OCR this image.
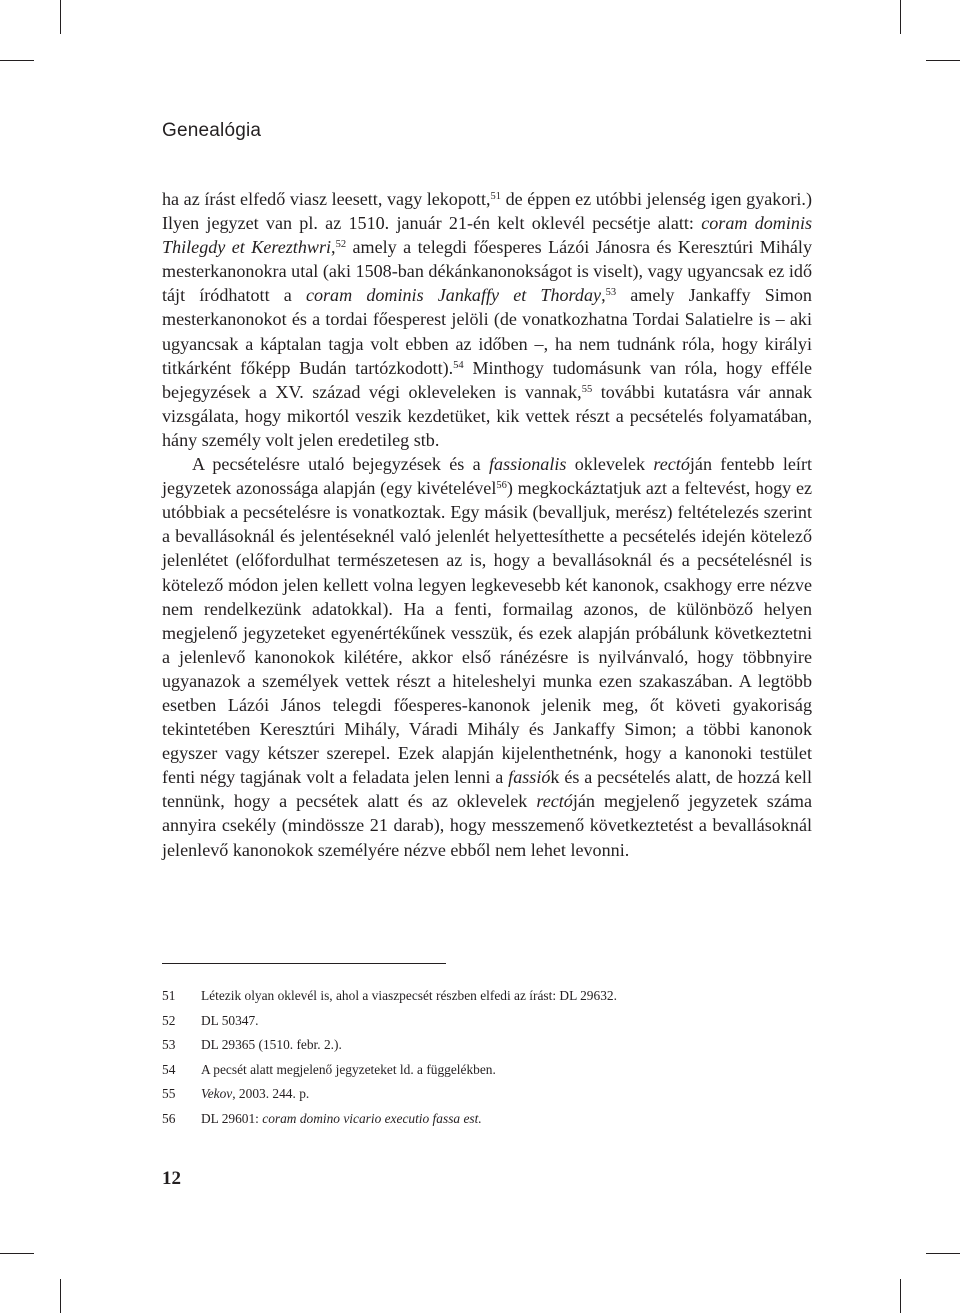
Genealógia

ha az írást elfedő viasz leesett, vagy lekopott,$^{51}$ de éppen ez utóbbi jelenség igen gyakori.) Ilyen jegyzet van pl. az 1510. január 21-én kelt oklevél pecsétje alatt: coram dominis Thilegdy et Kerezthwri,$^{52}$ amely a telegdi főesperes Lázói Jánosra és Keresztúri Mihály mesterkanonokra utal (aki 1508-ban dékánkanonokságot is viselt), vagy ugyancsak ez idő tájt íródhatott a coram dominis Jankaffy et Thorday,$^{53}$ amely Jankaffy Simon mesterkanonokot és a tordai főesperest jelöli (de vonatkozhatna Tordai Salatielre is – aki ugyancsak a káptalan tagja volt ebben az időben –, ha nem tudnánk róla, hogy királyi titkárként főképp Budán tartózkodott).$^{54}$ Minthogy tudomásunk van róla, hogy efféle bejegyzések a XV. század végi okleveleken is vannak,$^{55}$ további kutatásra vár annak vizsgálata, hogy mikortól veszik kezdetüket, kik vettek részt a pecsételés folyamatában, hány személy volt jelen eredetileg stb.

A pecsételésre utaló bejegyzések és a fassionalis oklevelek rectóján fentebb leírt jegyzetek azonossága alapján (egy kivételével$^{56}$) megkockáztatjuk azt a feltevést, hogy ez utóbbiak a pecsételésre is vonatkoztak. Egy másik (bevalljuk, merész) feltételezés szerint a bevallásoknál és jelentéseknél való jelenlét helyettesíthette a pecsételés idején kötelező jelenlétet (előfordulhat természetesen az is, hogy a bevallásoknál és a pecsételésnél is kötelező módon jelen kellett volna legyen legkevesebb két kanonok, csakhogy erre nézve nem rendelkezünk adatokkal). Ha a fenti, formailag azonos, de különböző helyen megjelenő jegyzeteket egyenértékűnek vesszük, és ezek alapján próbálunk következtetni a jelenlevő kanonokok kilétére, akkor első ránézésre is nyilvánvaló, hogy többnyire ugyanazok a személyek vettek részt a hiteleshelyi munka ezen szakaszában. A legtöbb esetben Lázói János telegdi főesperes-kanonok jelenik meg, őt követi gyakoriság tekintetében Keresztúri Mihály, Váradi Mihály és Jankaffy Simon; a többi kanonok egyszer vagy kétszer szerepel. Ezek alapján kijelenthetnénk, hogy a kanonoki testület fenti négy tagjának volt a feladata jelen lenni a fassiók és a pecsételés alatt, de hozzá kell tennünk, hogy a pecsétek alatt és az oklevelek rectóján megjelenő jegyzetek száma annyira csekély (mindössze 21 darab), hogy messzemenő következtetést a bevallásoknál jelenlevő kanonokok személyére nézve ebből nem lehet levonni.

51	Létezik olyan oklevél is, ahol a viaszpecsét részben elfedi az írást: DL 29632.
52	DL 50347.
53	DL 29365 (1510. febr. 2.).
54	A pecsét alatt megjelenő jegyzeteket ld. a függelékben.
55	Vekov, 2003. 244. p.
56	DL 29601: coram domino vicario executio fassa est.
12
